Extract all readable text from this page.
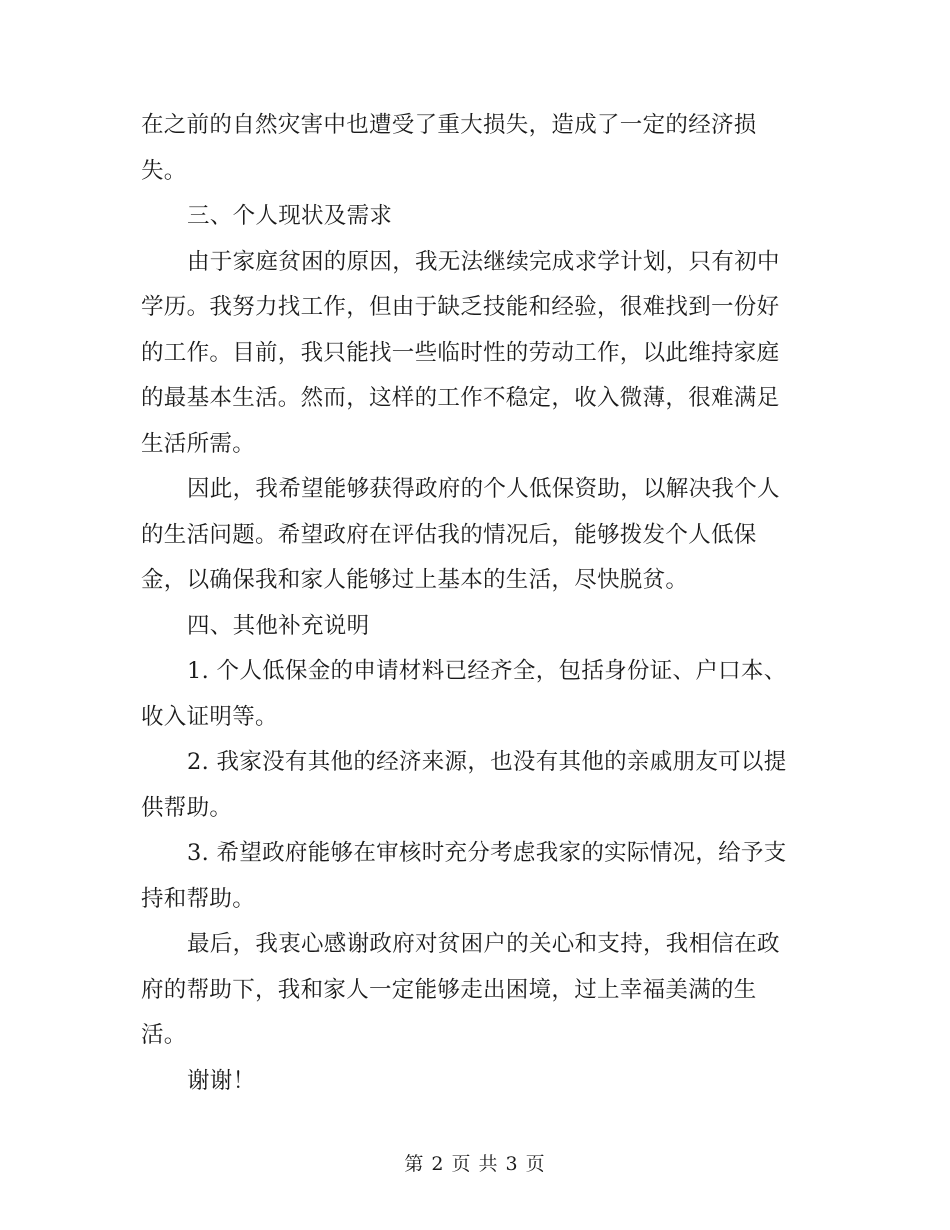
在之前的自然灾害中也遭受了重大损失，造成了一定的经济损
失。

三、个人现状及需求

由于家庭贫困的原因，我无法继续完成求学计划，只有初中
学历。我努力找工作，但由于缺乏技能和经验，很难找到一份好
的工作。目前，我只能找一些临时性的劳动工作，以此维持家庭
的最基本生活。然而，这样的工作不稳定，收入微薄，很难满足
生活所需。

因此，我希望能够获得政府的个人低保资助，以解决我个人
的生活问题。希望政府在评估我的情况后，能够拨发个人低保
金，以确保我和家人能够过上基本的生活，尽快脱贫。

四、其他补充说明

1. 个人低保金的申请材料已经齐全，包括身份证、户口本、
收入证明等。

2. 我家没有其他的经济来源，也没有其他的亲戚朋友可以提
供帮助。

3. 希望政府能够在审核时充分考虑我家的实际情况，给予支
持和帮助。

最后，我衷心感谢政府对贫困户的关心和支持，我相信在政
府的帮助下，我和家人一定能够走出困境，过上幸福美满的生
活。

谢谢！

第 2 页 共 3 页
